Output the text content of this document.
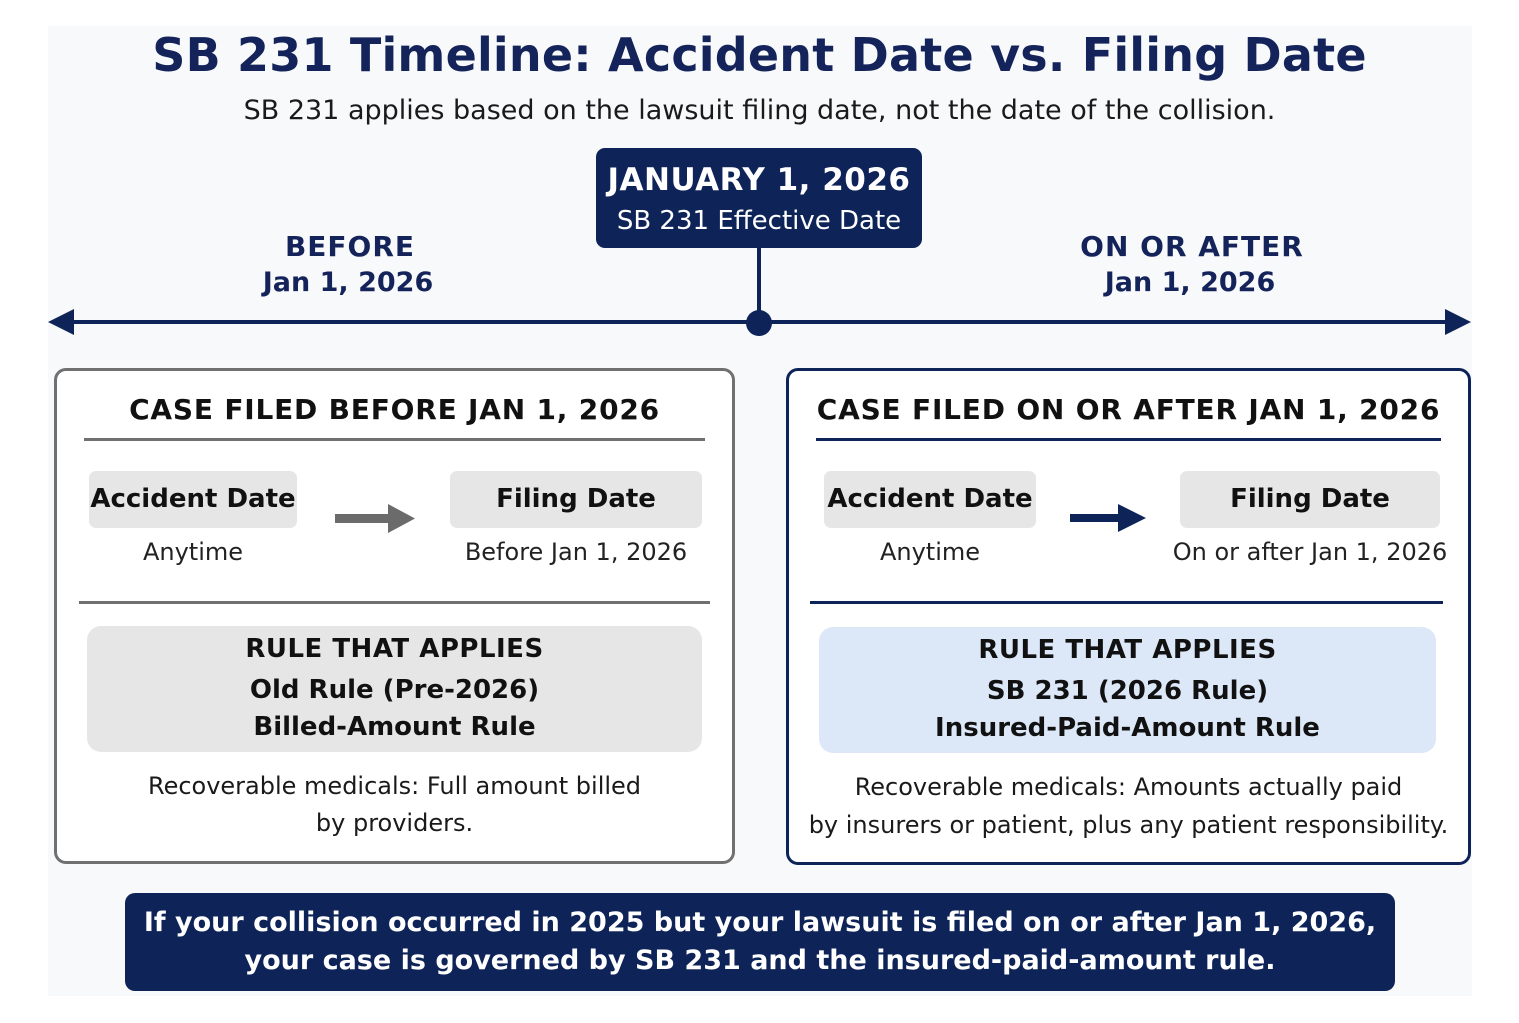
SB 231 Timeline: Accident Date vs. Filing Date
SB 231 applies based on the lawsuit filing date, not the date of the collision.
JANUARY 1, 2026
SB 231 Effective Date
BEFORE
Jan 1, 2026
ON OR AFTER
Jan 1, 2026
CASE FILED BEFORE JAN 1, 2026
Accident Date
Anytime
Filing Date
Before Jan 1, 2026
RULE THAT APPLIES
Old Rule (Pre-2026)
Billed-Amount Rule
Recoverable medicals: Full amount billed
by providers.
CASE FILED ON OR AFTER JAN 1, 2026
Accident Date
Anytime
Filing Date
On or after Jan 1, 2026
RULE THAT APPLIES
SB 231 (2026 Rule)
Insured-Paid-Amount Rule
Recoverable medicals: Amounts actually paid
by insurers or patient, plus any patient responsibility.
If your collision occurred in 2025 but your lawsuit is filed on or after Jan 1, 2026,
your case is governed by SB 231 and the insured-paid-amount rule.
